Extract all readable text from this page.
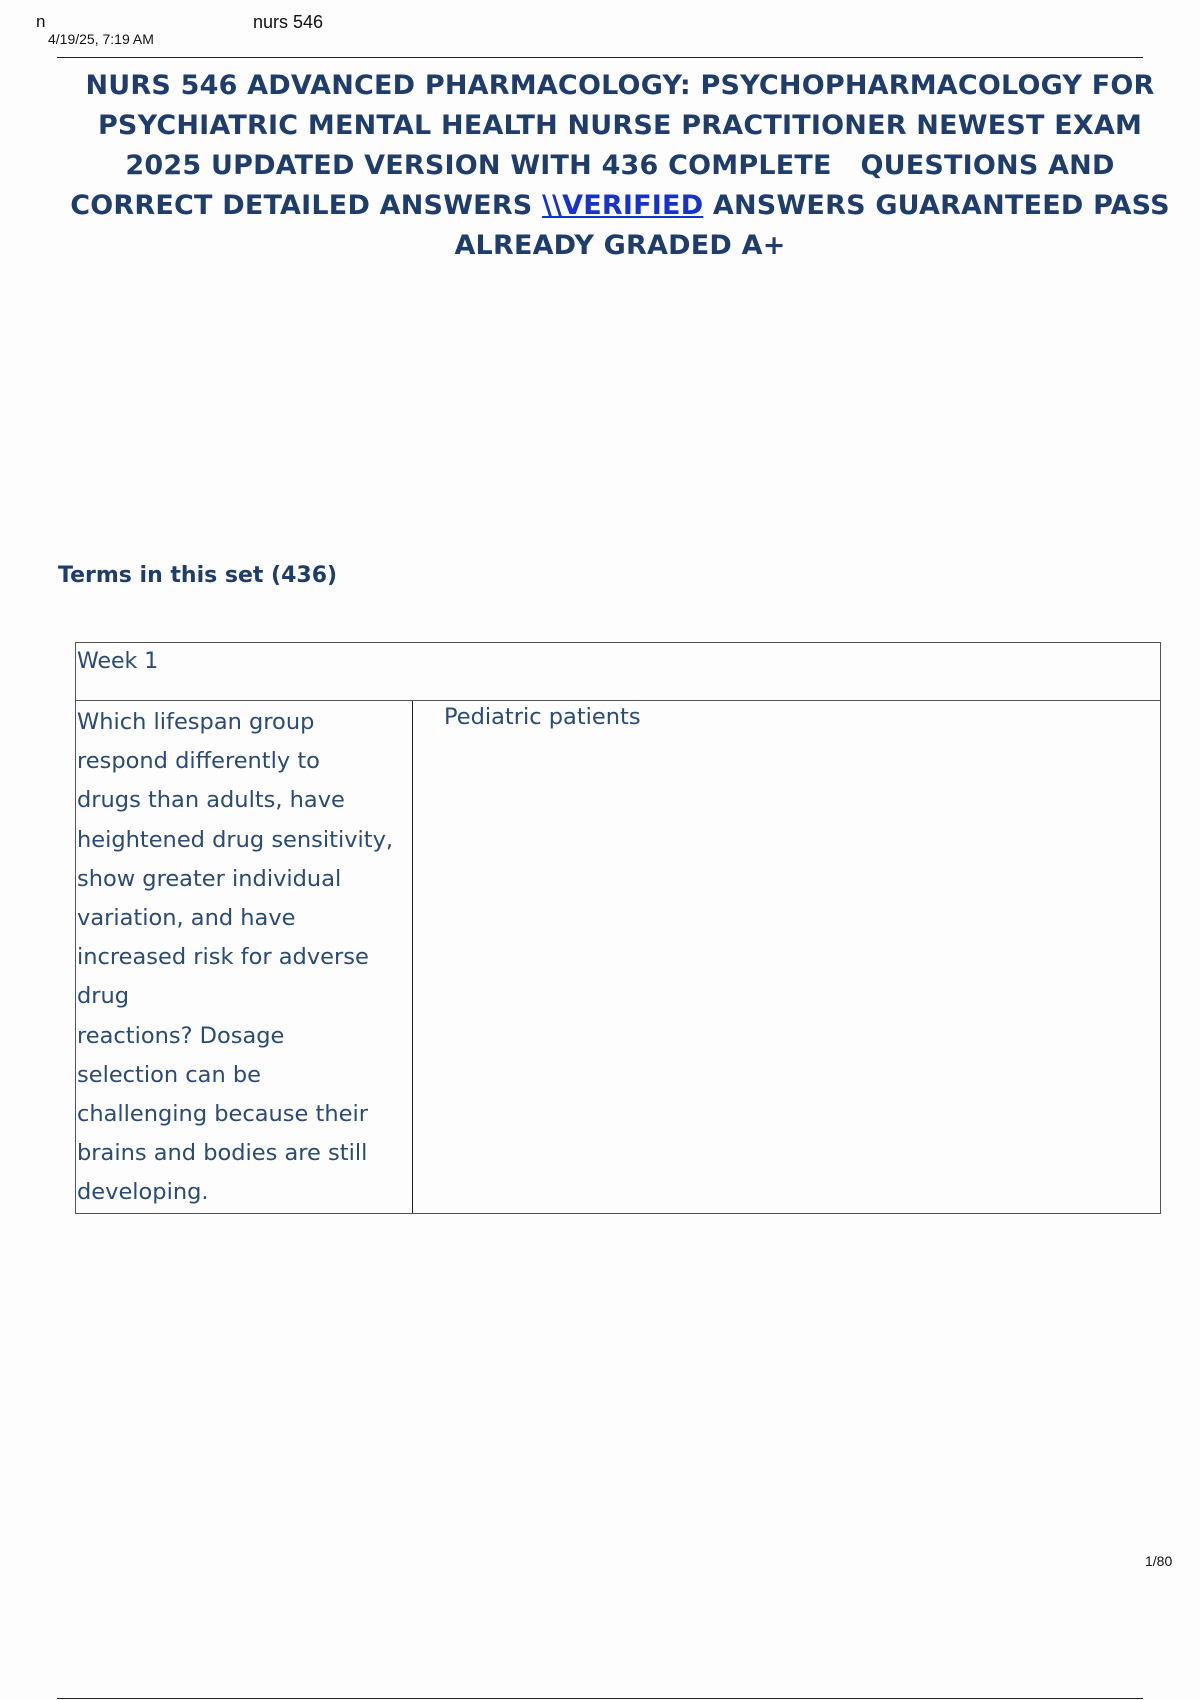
n
4/19/25, 7:19 AM
nurs 546
NURS 546 ADVANCED PHARMACOLOGY: PSYCHOPHARMACOLOGY FOR
PSYCHIATRIC MENTAL HEALTH NURSE PRACTITIONER NEWEST EXAM
2025 UPDATED VERSION WITH 436 COMPLETE   QUESTIONS AND
CORRECT DETAILED ANSWERS \\VERIFIED ANSWERS GUARANTEED PASS
ALREADY GRADED A+
Terms in this set (436)
Week 1
Which lifespan group
respond differently to
drugs than adults, have
heightened drug sensitivity,
show greater individual
variation, and have
increased risk for adverse
drug
reactions? Dosage
selection can be
challenging because their
brains and bodies are still
developing.
Pediatric patients
1/80
